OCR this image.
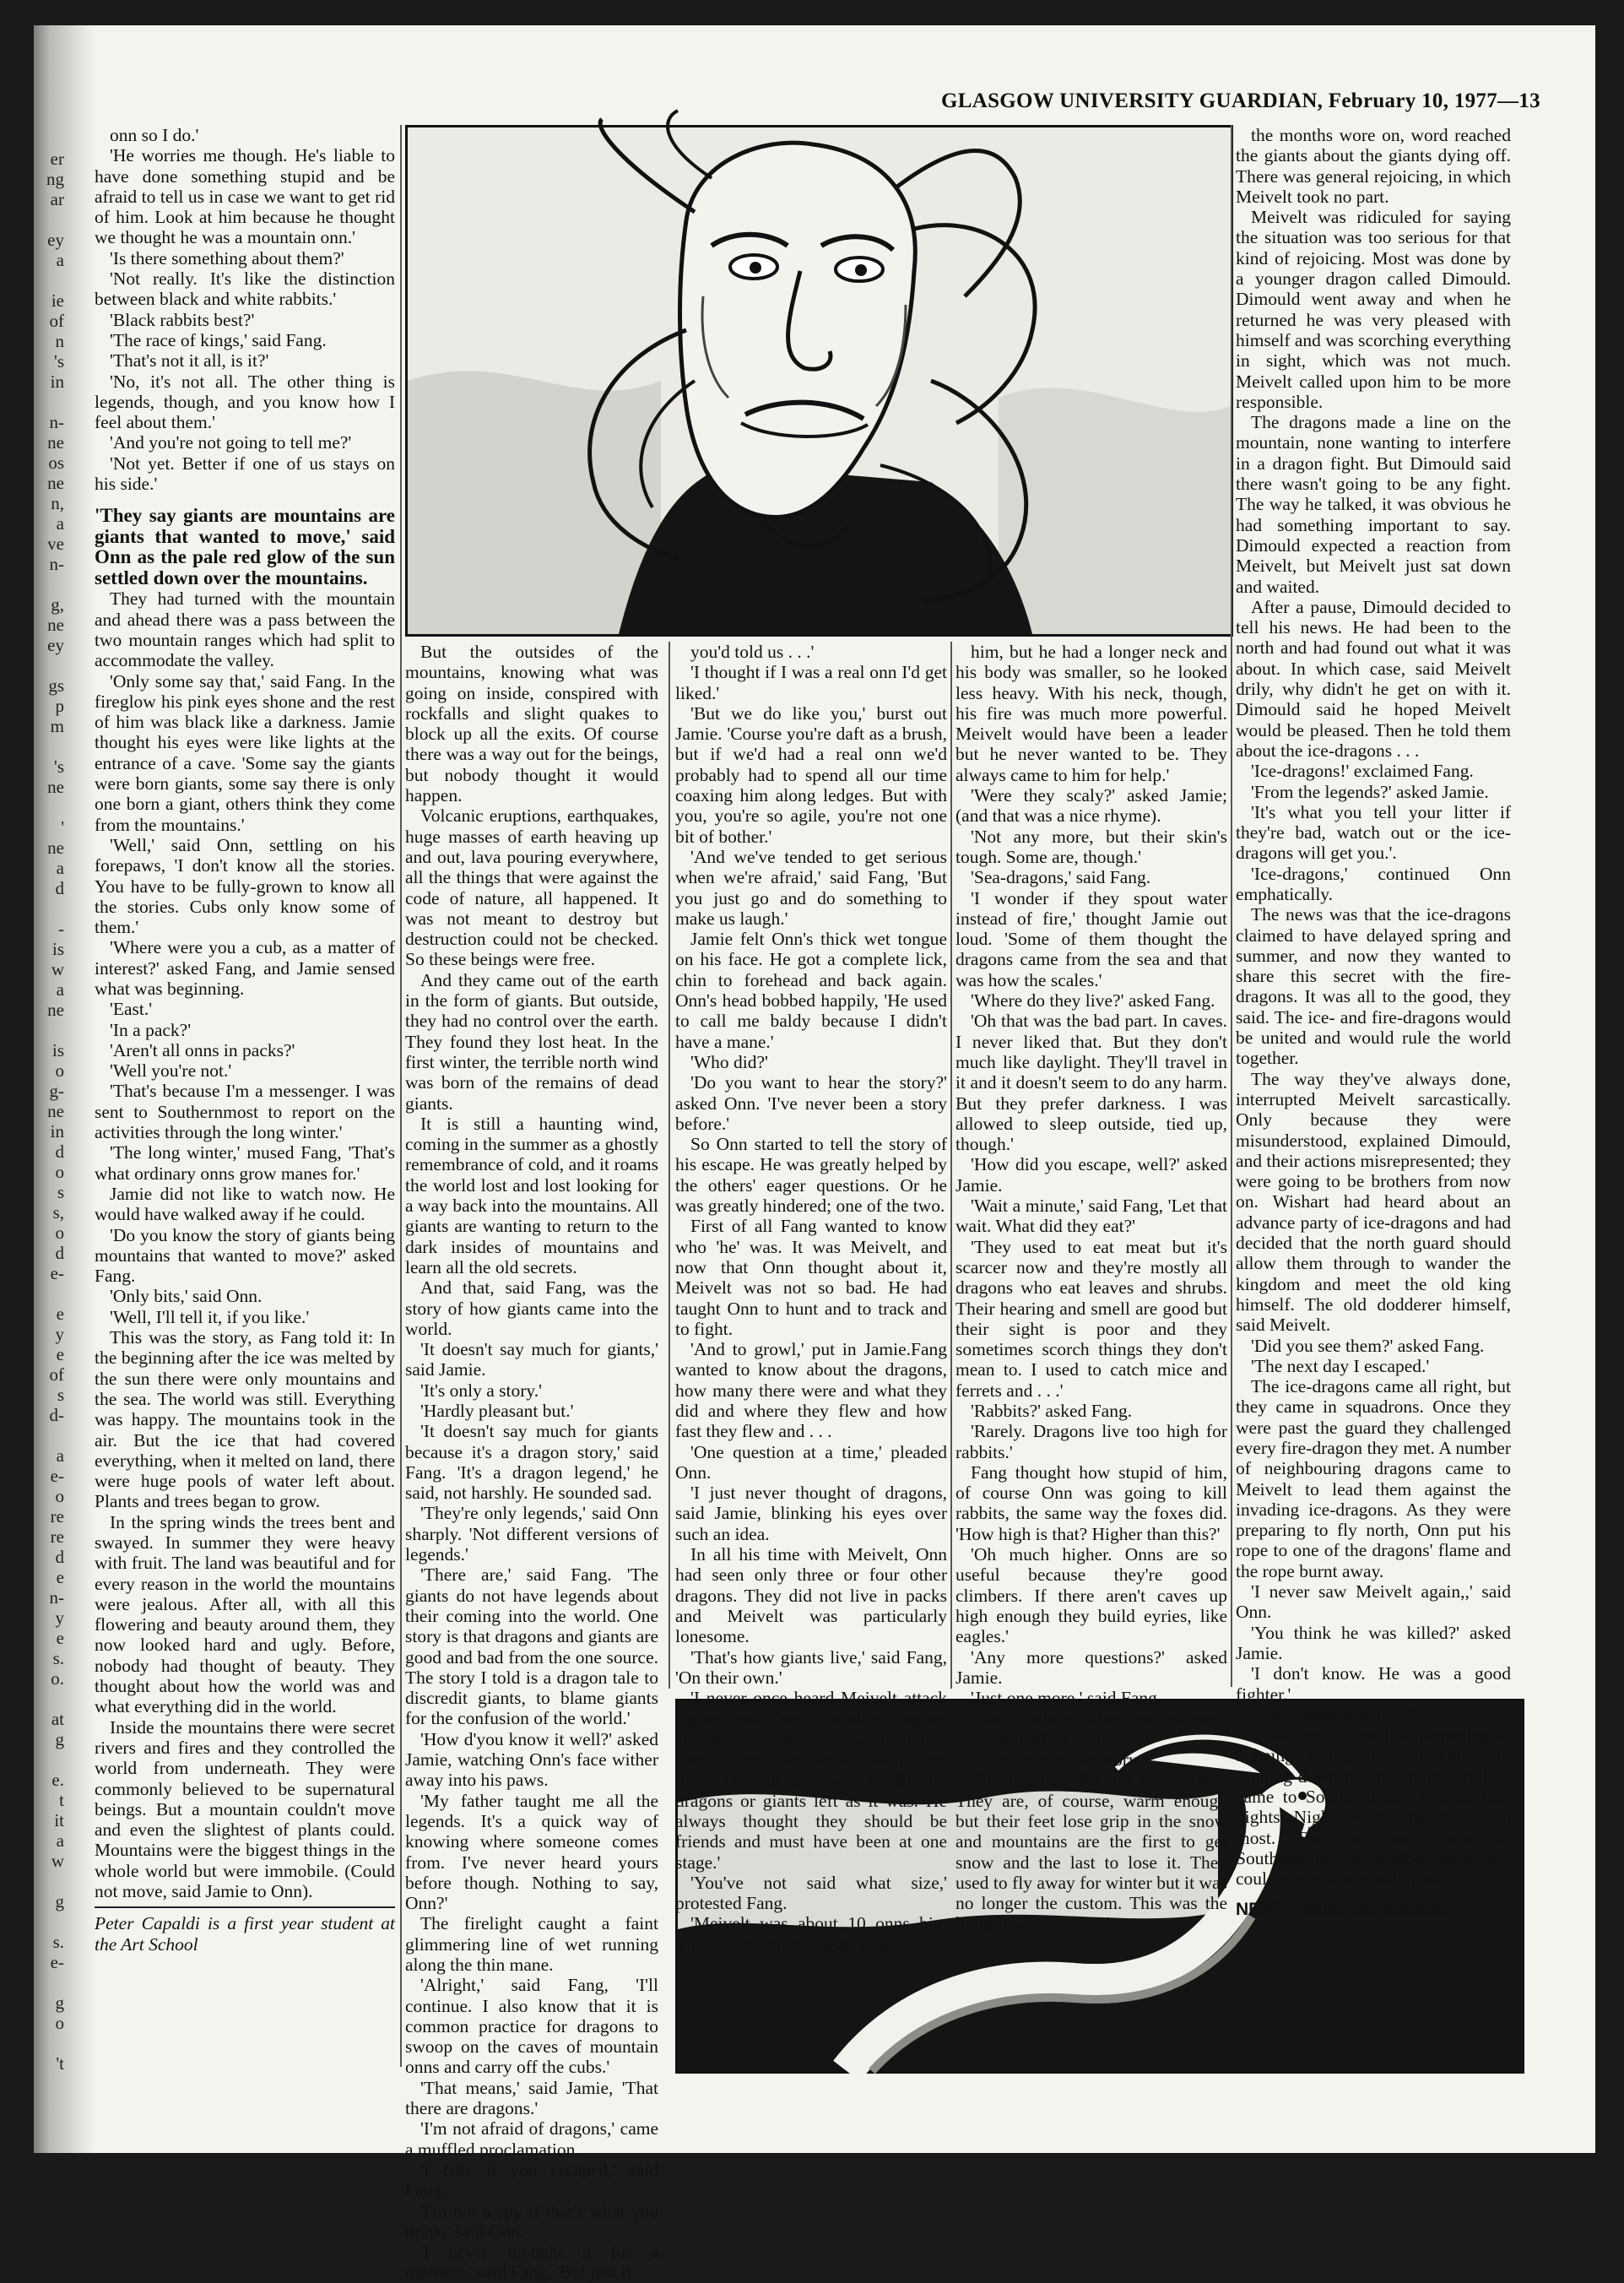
er
ng
ar
ey
a
ie
of
n
's
in
n-
ne
os
ne
n,
a
ve
n-
g,
ne
ey
gs
p
m
's
ne
'
ne
a
d
-
is
w
a
ne
is
o
g-
ne
in
d
o
s
s,
o
d
e-
e
y
e
of
s
d-
a
e-
o
re
re
d
e
n-
y
e
s.
o.
at
g
e.
t
it
a
w
g
s.
e-
g
o
't
GLASGOW UNIVERSITY GUARDIAN, February 10, 1977—13

onn so I do.'

'He worries me though. He's liable to have done something stupid and be afraid to tell us in case we want to get rid of him. Look at him because he thought we thought he was a mountain onn.'

'Is there something about them?'

'Not really. It's like the distinction between black and white rabbits.'

'Black rabbits best?'

'The race of kings,' said Fang.

'That's not it all, is it?'

'No, it's not all. The other thing is legends, though, and you know how I feel about them.'

'And you're not going to tell me?'

'Not yet. Better if one of us stays on his side.'

'They say giants are mountains are giants that wanted to move,' said Onn as the pale red glow of the sun settled down over the mountains.

They had turned with the mountain and ahead there was a pass between the two mountain ranges which had split to accommodate the valley.

'Only some say that,' said Fang. In the fireglow his pink eyes shone and the rest of him was black like a darkness. Jamie thought his eyes were like lights at the entrance of a cave. 'Some say the giants were born giants, some say there is only one born a giant, others think they come from the mountains.'

'Well,' said Onn, settling on his forepaws, 'I don't know all the stories. You have to be fully-grown to know all the stories. Cubs only know some of them.'

'Where were you a cub, as a matter of interest?' asked Fang, and Jamie sensed what was beginning.

'East.'

'In a pack?'

'Aren't all onns in packs?'

'Well you're not.'

'That's because I'm a messenger. I was sent to Southernmost to report on the activities through the long winter.'

'The long winter,' mused Fang, 'That's what ordinary onns grow manes for.'

Jamie did not like to watch now. He would have walked away if he could.

'Do you know the story of giants being mountains that wanted to move?' asked Fang.

'Only bits,' said Onn.

'Well, I'll tell it, if you like.'

This was the story, as Fang told it: In the beginning after the ice was melted by the sun there were only mountains and the sea. The world was still. Everything was happy. The mountains took in the air. But the ice that had covered everything, when it melted on land, there were huge pools of water left about. Plants and trees began to grow.

In the spring winds the trees bent and swayed. In summer they were heavy with fruit. The land was beautiful and for every reason in the world the mountains were jealous. After all, with all this flowering and beauty around them, they now looked hard and ugly. Before, nobody had thought of beauty. They thought about how the world was and what everything did in the world.

Inside the mountains there were secret rivers and fires and they controlled the world from underneath. They were commonly believed to be supernatural beings. But a mountain couldn't move and even the slightest of plants could. Mountains were the biggest things in the whole world but were immobile. (Could not move, said Jamie to Onn).

Peter Capaldi is a first year student at the Art School

But the outsides of the mountains, knowing what was going on inside, conspired with rockfalls and slight quakes to block up all the exits. Of course there was a way out for the beings, but nobody thought it would happen.

Volcanic eruptions, earthquakes, huge masses of earth heaving up and out, lava pouring everywhere, all the things that were against the code of nature, all happened. It was not meant to destroy but destruction could not be checked. So these beings were free.

And they came out of the earth in the form of giants. But outside, they had no control over the earth. They found they lost heat. In the first winter, the terrible north wind was born of the remains of dead giants.

It is still a haunting wind, coming in the summer as a ghostly remembrance of cold, and it roams the world lost and lost looking for a way back into the mountains. All giants are wanting to return to the dark insides of mountains and learn all the old secrets.

And that, said Fang, was the story of how giants came into the world.

'It doesn't say much for giants,' said Jamie.

'It's only a story.'

'Hardly pleasant but.'

'It doesn't say much for giants because it's a dragon story,' said Fang. 'It's a dragon legend,' he said, not harshly. He sounded sad.

'They're only legends,' said Onn sharply. 'Not different versions of legends.'

'There are,' said Fang. 'The giants do not have legends about their coming into the world. One story is that dragons and giants are good and bad from the one source. The story I told is a dragon tale to discredit giants, to blame giants for the confusion of the world.'

'How d'you know it well?' asked Jamie, watching Onn's face wither away into his paws.

'My father taught me all the legends. It's a quick way of knowing where someone comes from. I've never heard yours before though. Nothing to say, Onn?'

The firelight caught a faint glimmering line of wet running along the thin mane.

'Alright,' said Fang, 'I'll continue. I also know that it is common practice for dragons to swoop on the caves of mountain onns and carry off the cubs.'

'That means,' said Jamie, 'That there are dragons.'

'I'm not afraid of dragons,' came a muffled proclamation.

'I take it you escaped,' said Fang.

'I'm not a spy if that's what you think,' said Onn.

'I never thought it for a moment,' said Fang, 'But just if

you'd told us . . .'

'I thought if I was a real onn I'd get liked.'

'But we do like you,' burst out Jamie. 'Course you're daft as a brush, but if we'd had a real onn we'd probably had to spend all our time coaxing him along ledges. But with you, you're so agile, you're not one bit of bother.'

'And we've tended to get serious when we're afraid,' said Fang, 'But you just go and do something to make us laugh.'

Jamie felt Onn's thick wet tongue on his face. He got a complete lick, chin to forehead and back again. Onn's head bobbed happily, 'He used to call me baldy because I didn't have a mane.'

'Who did?'

'Do you want to hear the story?' asked Onn. 'I've never been a story before.'

So Onn started to tell the story of his escape. He was greatly helped by the others' eager questions. Or he was greatly hindered; one of the two.

First of all Fang wanted to know who 'he' was. It was Meivelt, and now that Onn thought about it, Meivelt was not so bad. He had taught Onn to hunt and to track and to fight.

'And to growl,' put in Jamie.Fang wanted to know about the dragons, how many there were and what they did and where they flew and how fast they flew and . . .

'One question at a time,' pleaded Onn.

'I just never thought of dragons, said Jamie, blinking his eyes over such an idea.

In all his time with Meivelt, Onn had seen only three or four other dragons. They did not live in packs and Meivelt was particularly lonesome.

'That's how giants live,' said Fang, 'On their own.'

'I never once heard Meivelt attack a giant,' said Onn. 'The other dragons all did. It was always how much they hated giants. But Meivelt would not listen. He said there were hardly any dragons or giants left as it was. He always thought they should be friends and must have been at one stage.'

'You've not said what size,' protested Fang.

'Meivelt was about 10 onns big. There were others bigger than

him, but he had a longer neck and his body was smaller, so he looked less heavy. With his neck, though, his fire was much more powerful. Meivelt would have been a leader but he never wanted to be. They always came to him for help.'

'Were they scaly?' asked Jamie; (and that was a nice rhyme).

'Not any more, but their skin's tough. Some are, though.'

'Sea-dragons,' said Fang.

'I wonder if they spout water instead of fire,' thought Jamie out loud. 'Some of them thought the dragons came from the sea and that was how the scales.'

'Where do they live?' asked Fang.

'Oh that was the bad part. In caves. I never liked that. But they don't much like daylight. They'll travel in it and it doesn't seem to do any harm. But they prefer darkness. I was allowed to sleep outside, tied up, though.'

'How did you escape, well?' asked Jamie.

'Wait a minute,' said Fang, 'Let that wait. What did they eat?'

'They used to eat meat but it's scarcer now and they're mostly all dragons who eat leaves and shrubs. Their hearing and smell are good but their sight is poor and they sometimes scorch things they don't mean to. I used to catch mice and ferrets and . . .'

'Rabbits?' asked Fang.

'Rarely. Dragons live too high for rabbits.'

Fang thought how stupid of him, of course Onn was going to kill rabbits, the same way the foxes did. 'How high is that? Higher than this?'

'Oh much higher. Onns are so useful because they're good climbers. If there aren't caves up high enough they build eyries, like eagles.'

'Any more questions?' asked Jamie.

'Just one more,' said Fang.

'Was it winter when you escaped, and did it affect them?'

'That's part of the story.'

The dragons did not like winter. They are, of course, warm enough but their feet lose grip in the snow and mountains are the first to get snow and the last to lose it. They used to fly away for winter but it was no longer the custom. This was the longest winter ever. As

the months wore on, word reached the giants about the giants dying off. There was general rejoicing, in which Meivelt took no part.

Meivelt was ridiculed for saying the situation was too serious for that kind of rejoicing. Most was done by a younger dragon called Dimould. Dimould went away and when he returned he was very pleased with himself and was scorching everything in sight, which was not much. Meivelt called upon him to be more responsible.

The dragons made a line on the mountain, none wanting to interfere in a dragon fight. But Dimould said there wasn't going to be any fight. The way he talked, it was obvious he had something important to say. Dimould expected a reaction from Meivelt, but Meivelt just sat down and waited.

After a pause, Dimould decided to tell his news. He had been to the north and had found out what it was about. In which case, said Meivelt drily, why didn't he get on with it. Dimould said he hoped Meivelt would be pleased. Then he told them about the ice-dragons . . .

'Ice-dragons!' exclaimed Fang.

'From the legends?' asked Jamie.

'It's what you tell your litter if they're bad, watch out or the ice-dragons will get you.'.

'Ice-dragons,' continued Onn emphatically.

The news was that the ice-dragons claimed to have delayed spring and summer, and now they wanted to share this secret with the fire-dragons. It was all to the good, they said. The ice- and fire-dragons would be united and would rule the world together.

The way they've always done, interrupted Meivelt sarcastically. Only because they were misunderstood, explained Dimould, and their actions misrepresented; they were going to be brothers from now on. Wishart had heard about an advance party of ice-dragons and had decided that the north guard should allow them through to wander the kingdom and meet the old king himself. The old dodderer himself, said Meivelt.

'Did you see them?' asked Fang.

'The next day I escaped.'

The ice-dragons came all right, but they came in squadrons. Once they were past the guard they challenged every fire-dragon they met. A number of neighbouring dragons came to Meivelt to lead them against the invading ice-dragons. As they were preparing to fly north, Onn put his rope to one of the dragons' flame and the rope burnt away.

'I never saw Meivelt again,,' said Onn.

'You think he was killed?' asked Jamie.

'I don't know. He was a good fighter.'

'What happened next?'

It was not so much a happening as a being. Being in flight. Onn kept running down the mountain. Until he came to Southernmost. It took four nights. Nights were what he feared most. But he had come to Southernmost by another route and could not indicate which way

NEXT: Inside the volcano
